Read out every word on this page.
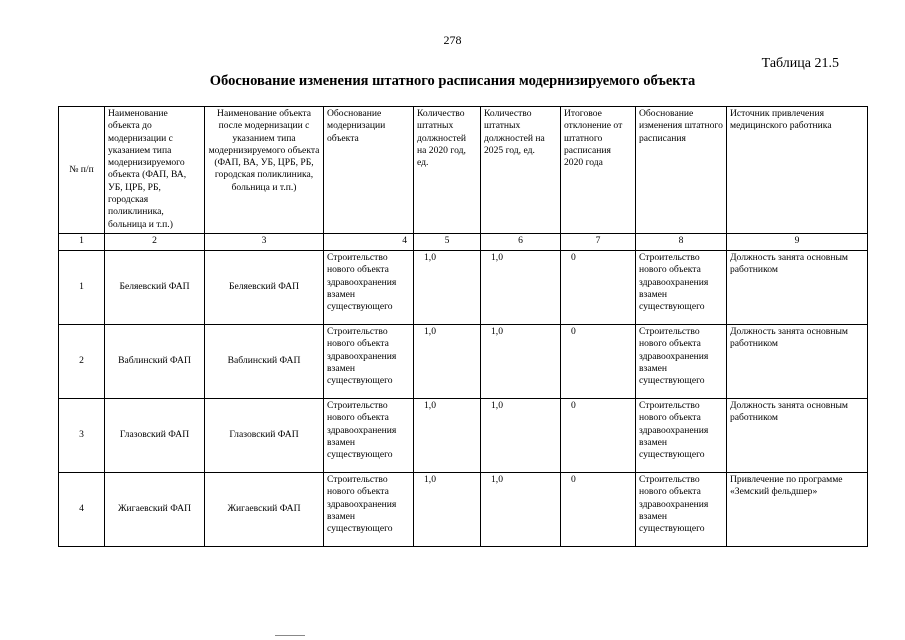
278
Таблица 21.5
Обоснование изменения штатного расписания модернизируемого объекта
№ п/п	Наименование объекта до модернизации с указанием типа модернизируемого объекта (ФАП, ВА, УБ, ЦРБ, РБ, городская поликлиника, больница и т.п.)	Наименование объекта после модернизации с указанием типа модернизируемого объекта (ФАП, ВА, УБ, ЦРБ, РБ, городская поликлиника, больница и т.п.)	Обоснование модернизации объекта	Количество штатных должностей на 2020 год, ед.	Количество штатных должностей на 2025 год, ед.	Итоговое отклонение от штатного расписания 2020 года	Обоснование изменения штатного расписания	Источник привлечения медицинского работника
1	2	3	4	5	6	7	8	9
1	Беляевский ФАП	Беляевский ФАП	Строительство нового объекта здравоохранения взамен существующего	1,0	1,0	0	Строительство нового объекта здравоохранения взамен существующего	Должность занята основным работником
2	Ваблинский ФАП	Ваблинский ФАП	Строительство нового объекта здравоохранения взамен существующего	1,0	1,0	0	Строительство нового объекта здравоохранения взамен существующего	Должность занята основным работником
3	Глазовский ФАП	Глазовский ФАП	Строительство нового объекта здравоохранения взамен существующего	1,0	1,0	0	Строительство нового объекта здравоохранения взамен существующего	Должность занята основным работником
4	Жигаевский ФАП	Жигаевский ФАП	Строительство нового объекта здравоохранения взамен существующего	1,0	1,0	0	Строительство нового объекта здравоохранения взамен существующего	Привлечение по программе «Земский фельдшер»
